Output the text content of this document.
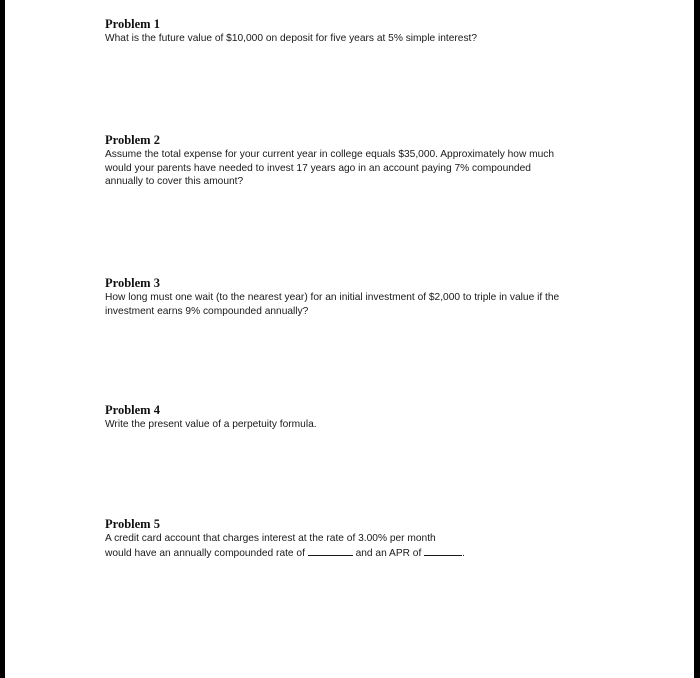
Problem 1

What is the future value of $10,000 on deposit for five years at 5% simple interest?

Problem 2

Assume the total expense for your current year in college equals $35,000. Approximately how much

would your parents have needed to invest 17 years ago in an account paying 7% compounded

annually to cover this amount?

Problem 3

How long must one wait (to the nearest year) for an initial investment of $2,000 to triple in value if the

investment earns 9% compounded annually?

Problem 4

Write the present value of a perpetuity formula.

Problem 5

A credit card account that charges interest at the rate of 3.00% per month

would have an annually compounded rate of	and an APR of	.
